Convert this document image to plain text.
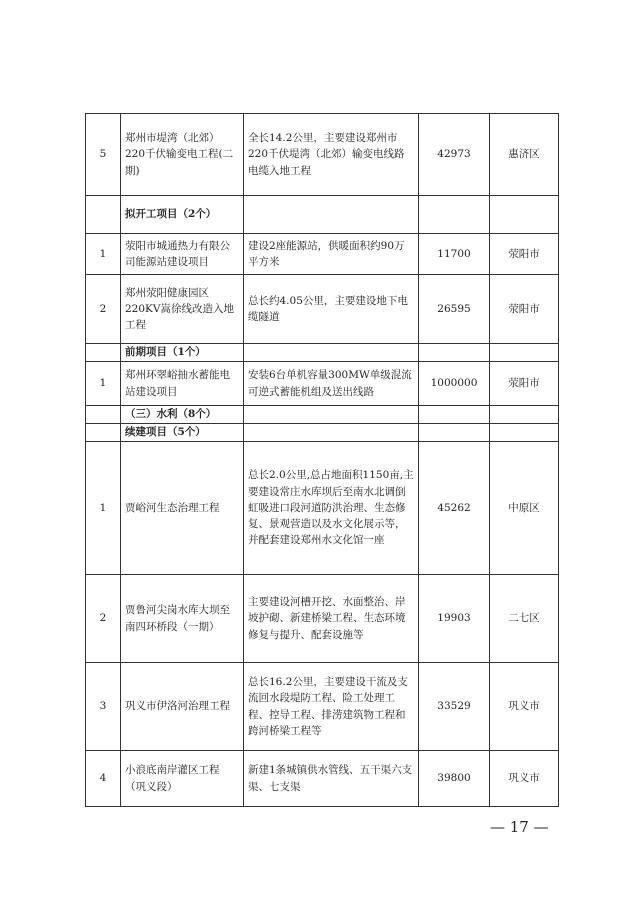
5	郑州市堤湾（北郊）220千伏输变电工程(二期)	全长14.2公里，主要建设郑州市220千伏堤湾（北郊）输变电线路电缆入地工程	42973	惠济区
	拟开工项目（2个）			
1	荥阳市城通热力有限公司能源站建设项目	建设2座能源站，供暖面积约90万平方米	11700	荥阳市
2	郑州荥阳健康园区220KV嵩徐线改造入地工程	总长约4.05公里，主要建设地下电缆隧道	26595	荥阳市
	前期项目（1个）			
1	郑州环翠峪抽水蓄能电站建设项目	安装6台单机容量300MW单级混流可逆式蓄能机组及送出线路	1000000	荥阳市
	（三）水利（8个）			
	续建项目（5个）			
1	贾峪河生态治理工程	总长2.0公里,总占地面积1150亩,主要建设常庄水库坝后至南水北调倒虹吸进口段河道防洪治理、生态修复、景观营造以及水文化展示等，并配套建设郑州水文化馆一座	45262	中原区
2	贾鲁河尖岗水库大坝至南四环桥段（一期）	主要建设河槽开挖、水面整治、岸坡护砌、新建桥梁工程、生态环境修复与提升、配套设施等	19903	二七区
3	巩义市伊洛河治理工程	总长16.2公里，主要建设干流及支流回水段堤防工程、险工处理工程、控导工程、排涝建筑物工程和跨河桥梁工程等	33529	巩义市
4	小浪底南岸灌区工程（巩义段）	新建1条城镇供水管线、五干渠六支渠、七支渠	39800	巩义市
— 17 —
